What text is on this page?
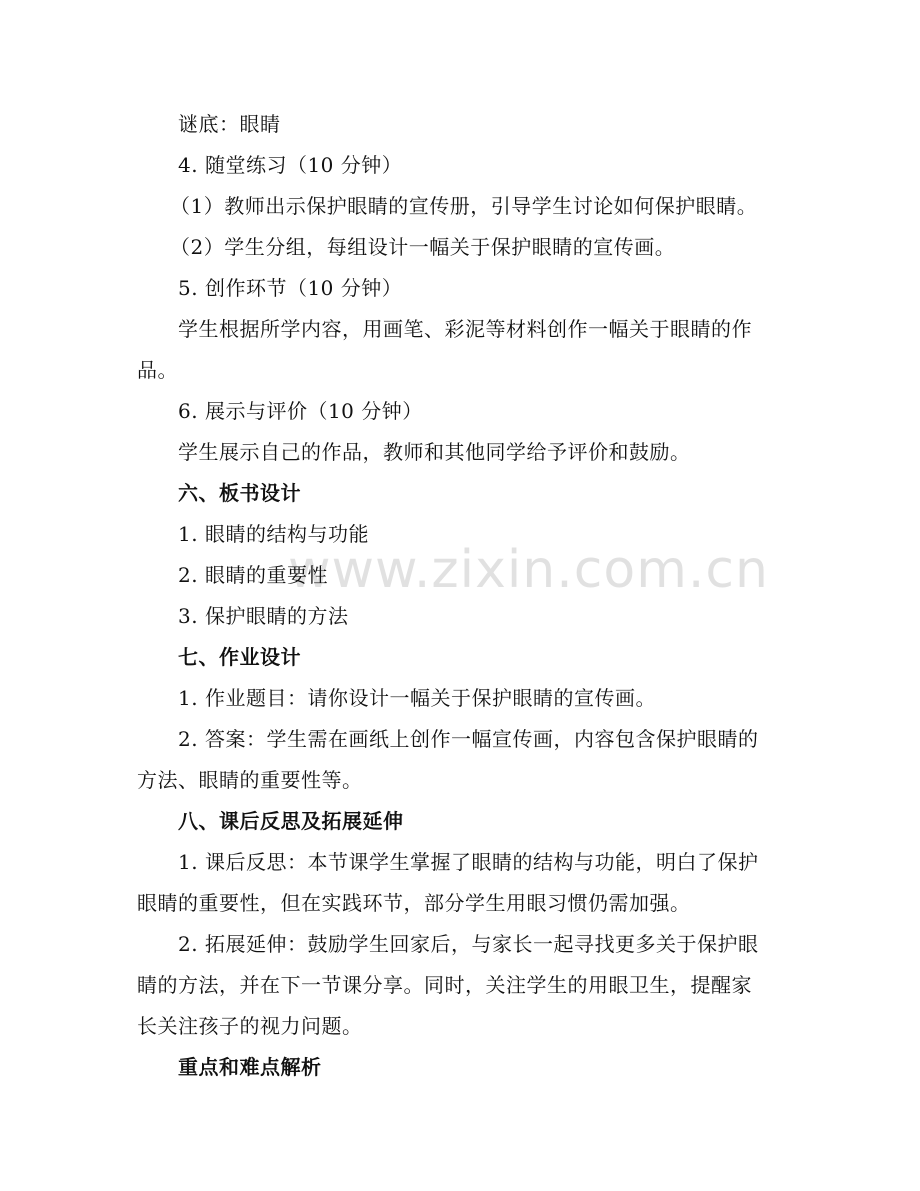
www.zixin.com.cn
谜底：眼睛
4. 随堂练习（10 分钟）
（1）教师出示保护眼睛的宣传册，引导学生讨论如何保护眼睛。
（2）学生分组，每组设计一幅关于保护眼睛的宣传画。
5. 创作环节（10 分钟）
学生根据所学内容，用画笔、彩泥等材料创作一幅关于眼睛的作
品。
6. 展示与评价（10 分钟）
学生展示自己的作品，教师和其他同学给予评价和鼓励。
六、板书设计
1. 眼睛的结构与功能
2. 眼睛的重要性
3. 保护眼睛的方法
七、作业设计
1. 作业题目：请你设计一幅关于保护眼睛的宣传画。
2. 答案：学生需在画纸上创作一幅宣传画，内容包含保护眼睛的
方法、眼睛的重要性等。
八、课后反思及拓展延伸
1. 课后反思：本节课学生掌握了眼睛的结构与功能，明白了保护
眼睛的重要性，但在实践环节，部分学生用眼习惯仍需加强。
2. 拓展延伸：鼓励学生回家后，与家长一起寻找更多关于保护眼
睛的方法，并在下一节课分享。同时，关注学生的用眼卫生，提醒家
长关注孩子的视力问题。
重点和难点解析
